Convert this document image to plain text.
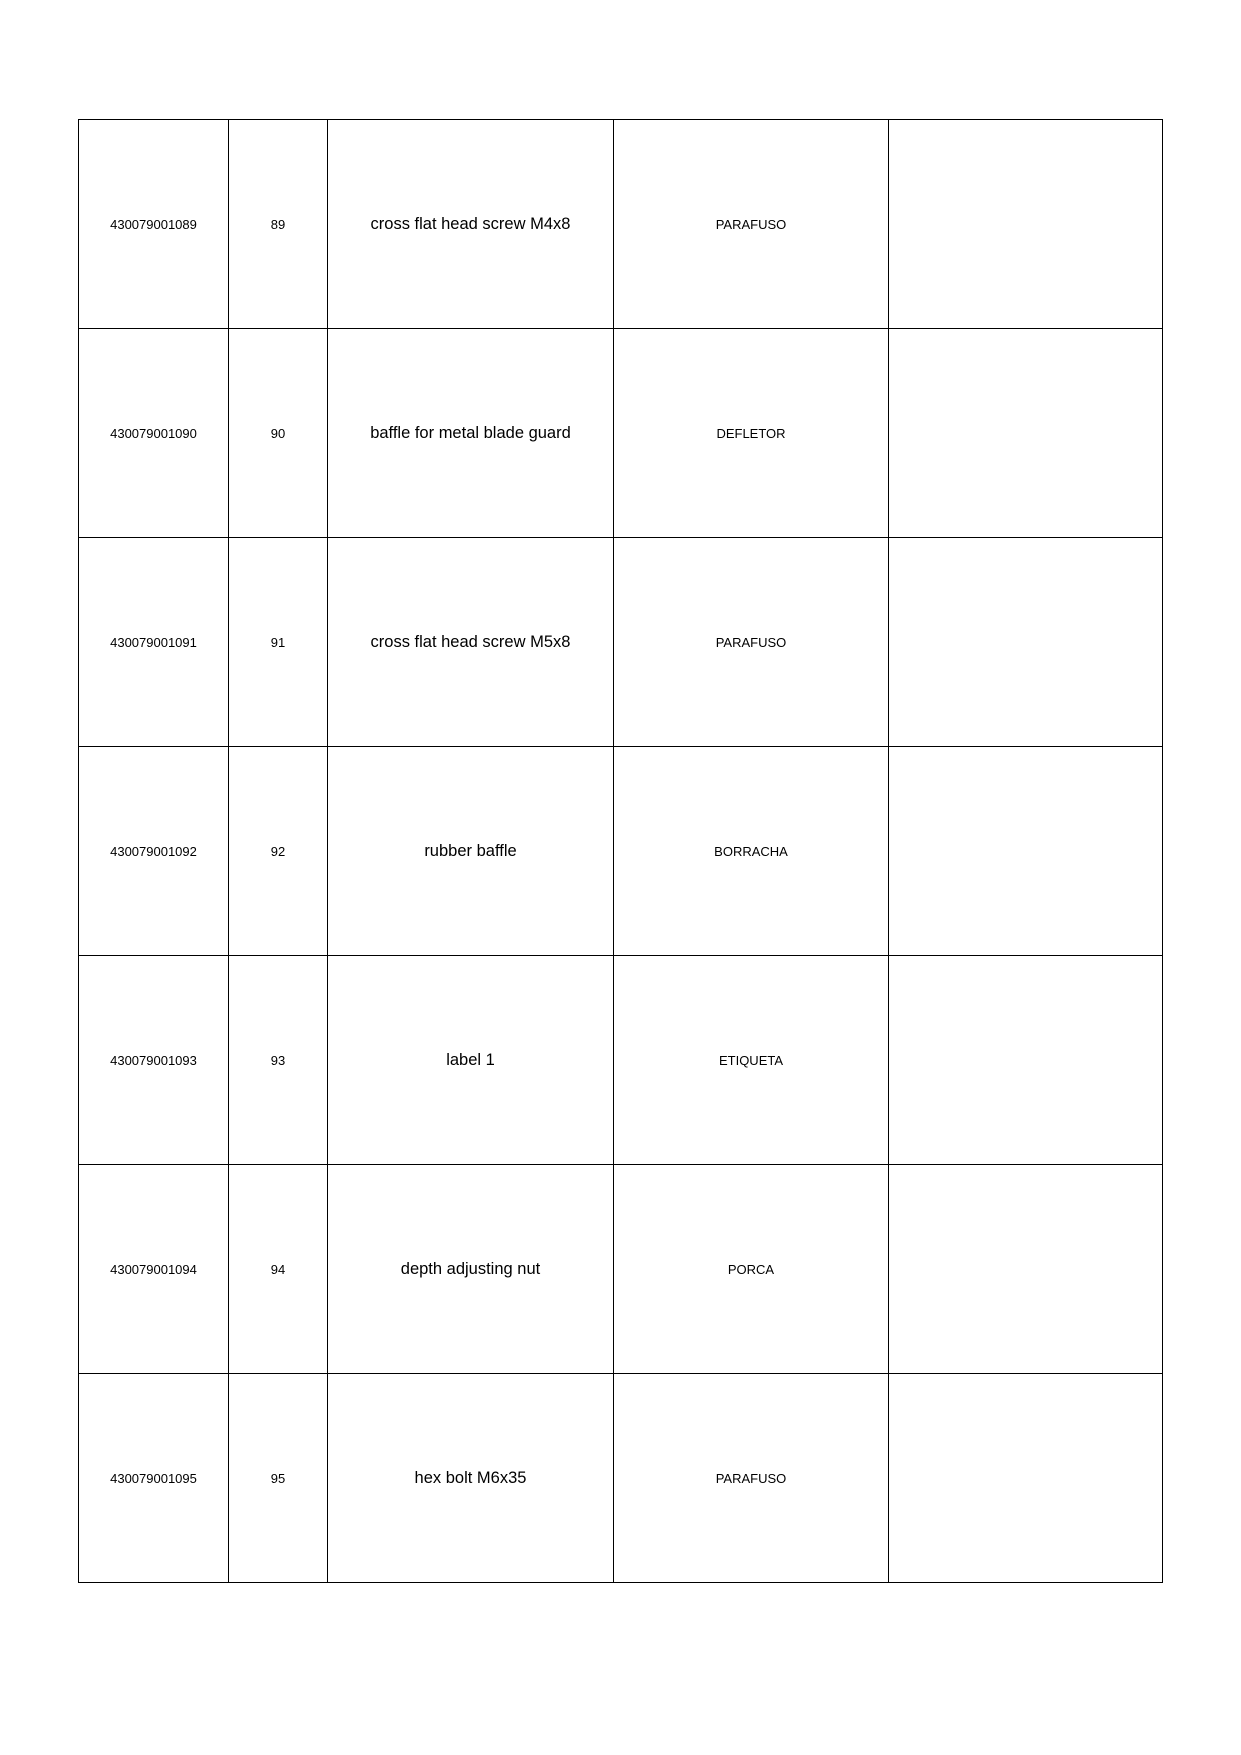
430079001089	89	cross flat head screw M4x8	PARAFUSO	
430079001090	90	baffle for metal blade guard	DEFLETOR	
430079001091	91	cross flat head screw M5x8	PARAFUSO	
430079001092	92	rubber baffle	BORRACHA	
430079001093	93	label 1	ETIQUETA	
430079001094	94	depth adjusting nut	PORCA	
430079001095	95	hex bolt M6x35	PARAFUSO	
